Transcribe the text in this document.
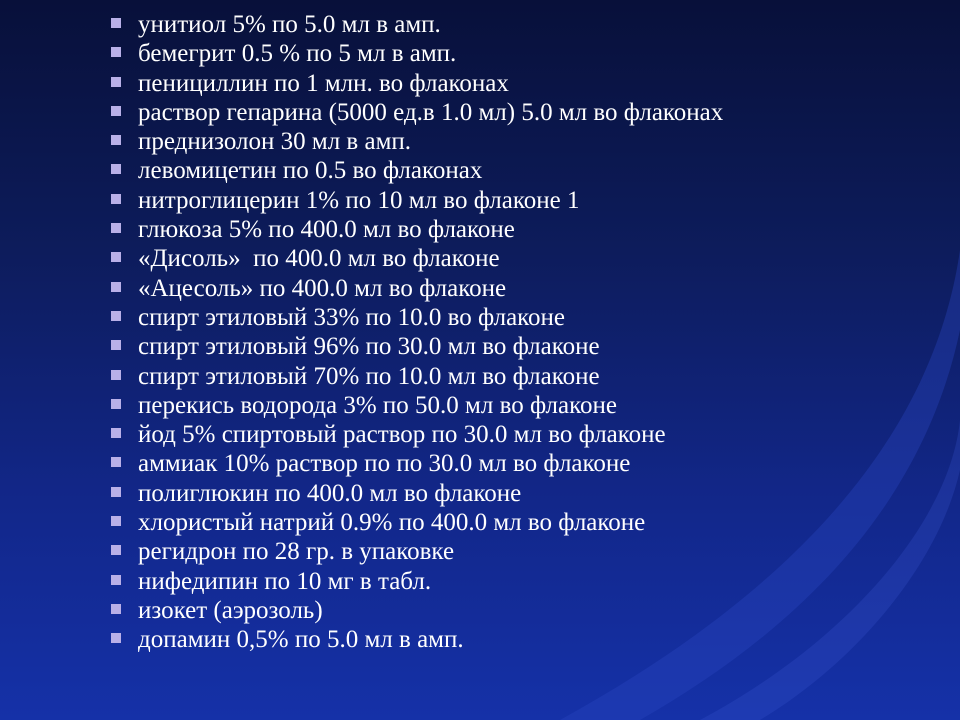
унитиол 5% по 5.0 мл в амп.
бемегрит 0.5 % по 5 мл в амп.
пенициллин по 1 млн. во флаконах
раствор гепарина (5000 ед.в 1.0 мл) 5.0 мл во флаконах
преднизолон 30 мл в амп.
левомицетин по 0.5 во флаконах
нитроглицерин 1% по 10 мл во флаконе 1
глюкоза 5% по 400.0 мл во флаконе
«Дисоль»  по 400.0 мл во флаконе
«Ацесоль» по 400.0 мл во флаконе
спирт этиловый 33% по 10.0 во флаконе
спирт этиловый 96% по 30.0 мл во флаконе
спирт этиловый 70% по 10.0 мл во флаконе
перекись водорода 3% по 50.0 мл во флаконе
йод 5% спиртовый раствор по 30.0 мл во флаконе
аммиак 10% раствор по по 30.0 мл во флаконе
полиглюкин по 400.0 мл во флаконе
хлористый натрий 0.9% по 400.0 мл во флаконе
регидрон по 28 гр. в упаковке
нифедипин по 10 мг в табл.
изокет (аэрозоль)
допамин 0,5% по 5.0 мл в амп.
